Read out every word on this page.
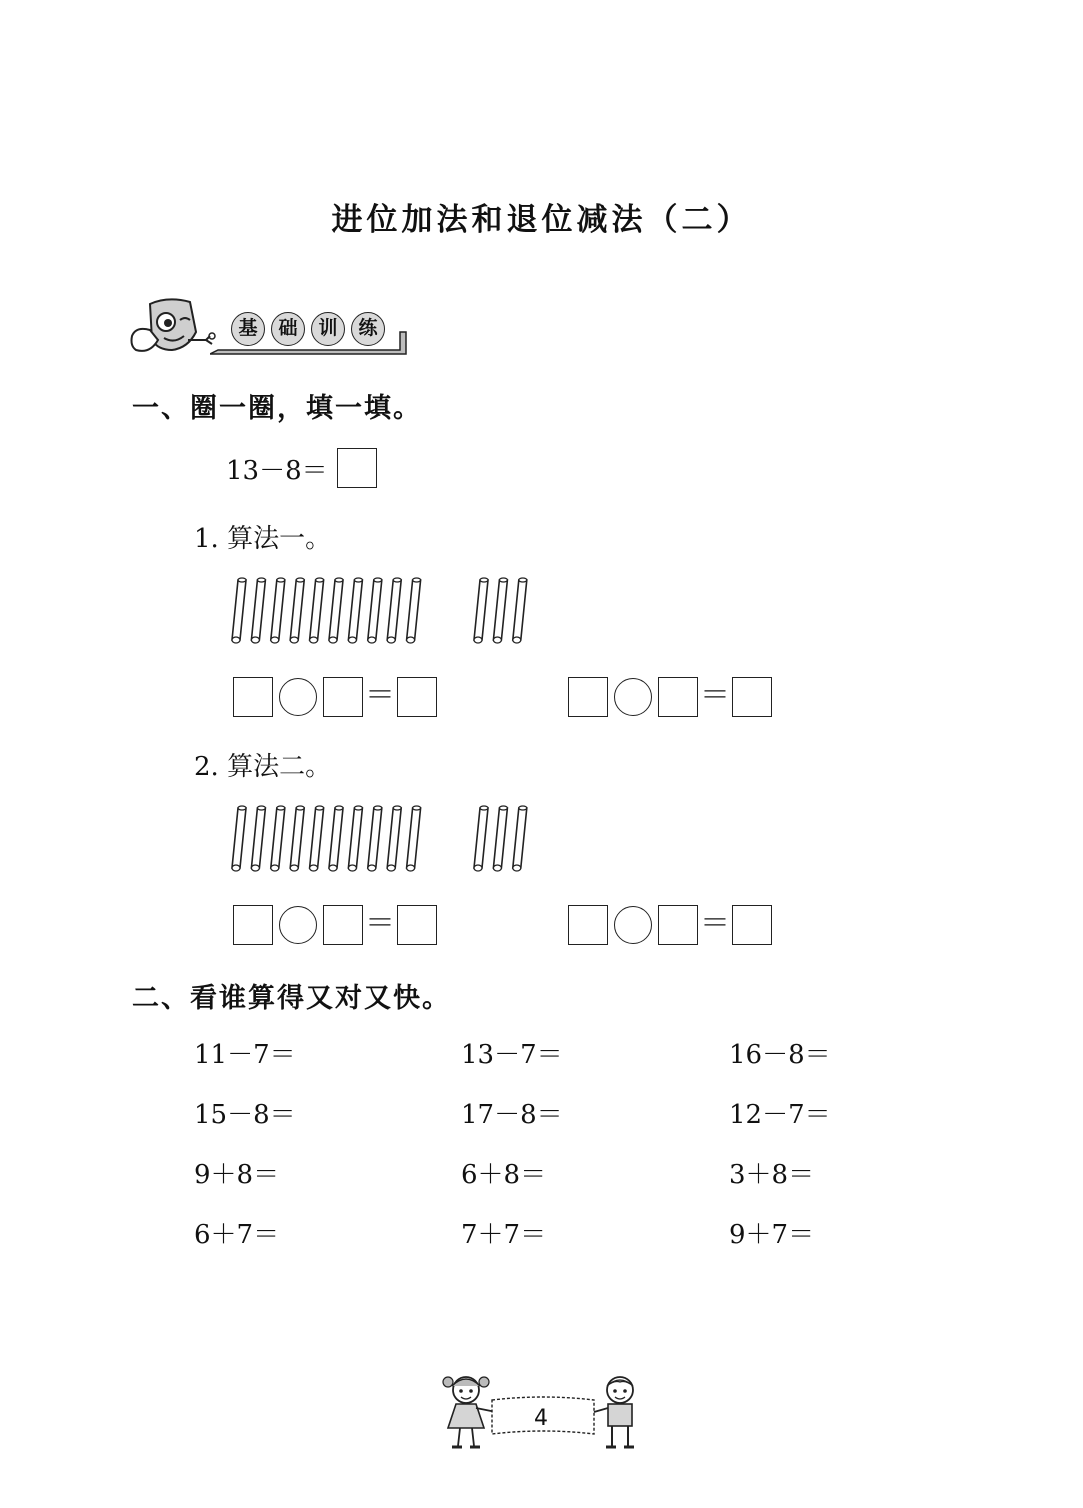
进位加法和退位减法（二）
基	础	训	练
一、圈一圈，填一填。
13－8＝
1. 算法一。
＝	＝
2. 算法二。
＝	＝
二、看谁算得又对又快。
11－7＝	13－7＝	16－8＝
15－8＝	17－8＝	12－7＝
9＋8＝	6＋8＝	3＋8＝
6＋7＝	7＋7＝	9＋7＝
4
